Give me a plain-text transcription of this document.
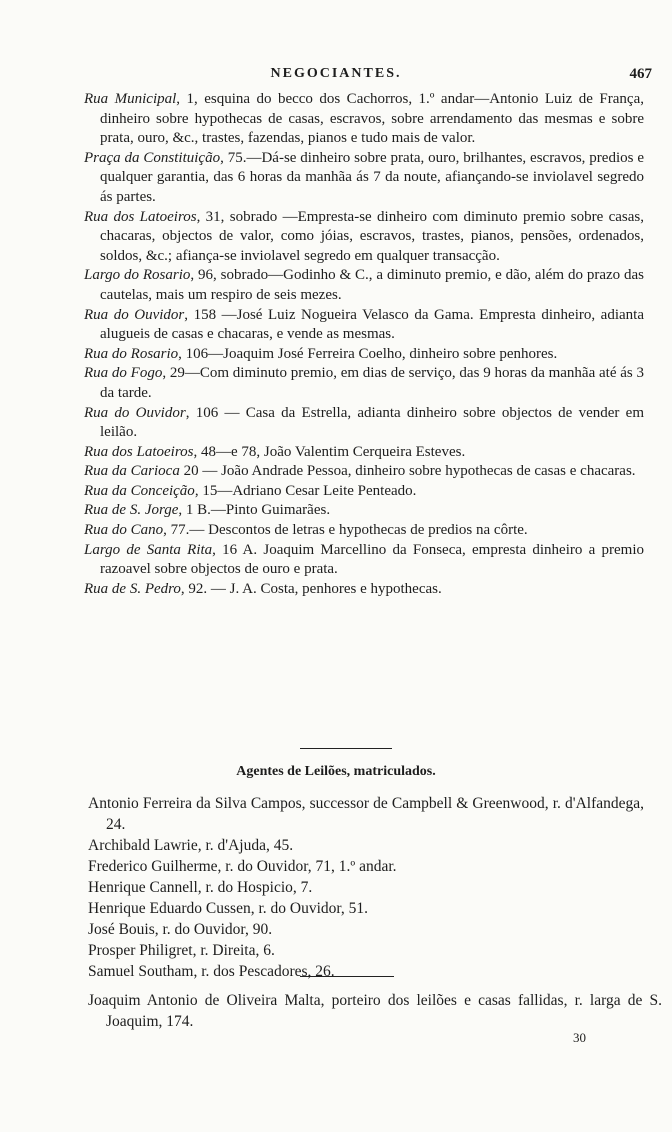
NEGOCIANTES.	467

Rua Municipal, 1, esquina do becco dos Cachorros, 1.º andar—Antonio Luiz de França, dinheiro sobre hypothecas de casas, escravos, sobre arrendamento das mesmas e sobre prata, ouro, &c., trastes, fazendas, pianos e tudo mais de valor.

Praça da Constituição, 75.—Dá-se dinheiro sobre prata, ouro, brilhantes, escravos, predios e qualquer garantia, das 6 horas da manhãa ás 7 da noute, afiançando-se inviolavel segredo ás partes.

Rua dos Latoeiros, 31, sobrado —Empresta-se dinheiro com diminuto premio sobre casas, chacaras, objectos de valor, como jóias, escravos, trastes, pianos, pensões, ordenados, soldos, &c.; afiança-se inviolavel segredo em qualquer transacção.

Largo do Rosario, 96, sobrado—Godinho & C., a diminuto premio, e dão, além do prazo das cautelas, mais um respiro de seis mezes.

Rua do Ouvidor, 158 —José Luiz Nogueira Velasco da Gama. Empresta dinheiro, adianta alugueis de casas e chacaras, e vende as mesmas.

Rua do Rosario, 106—Joaquim José Ferreira Coelho, dinheiro sobre penhores.

Rua do Fogo, 29—Com diminuto premio, em dias de serviço, das 9 horas da manhãa até ás 3 da tarde.

Rua do Ouvidor, 106 — Casa da Estrella, adianta dinheiro sobre objectos de vender em leilão.

Rua dos Latoeiros, 48—e 78, João Valentim Cerqueira Esteves.

Rua da Carioca 20 — João Andrade Pessoa, dinheiro sobre hypothecas de casas e chacaras.

Rua da Conceição, 15—Adriano Cesar Leite Penteado.

Rua de S. Jorge, 1 B.—Pinto Guimarães.

Rua do Cano, 77.— Descontos de letras e hypothecas de predios na côrte.

Largo de Santa Rita, 16 A. Joaquim Marcellino da Fonseca, empresta dinheiro a premio razoavel sobre objectos de ouro e prata.

Rua de S. Pedro, 92. — J. A. Costa, penhores e hypothecas.

Agentes de Leilões, matriculados.

Antonio Ferreira da Silva Campos, successor de Campbell & Greenwood, r. d'Alfandega, 24.

Archibald Lawrie, r. d'Ajuda, 45.

Frederico Guilherme, r. do Ouvidor, 71, 1.º andar.

Henrique Cannell, r. do Hospicio, 7.

Henrique Eduardo Cussen, r. do Ouvidor, 51.

José Bouis, r. do Ouvidor, 90.

Prosper Philigret, r. Direita, 6.

Samuel Southam, r. dos Pescadores, 26.

Joaquim Antonio de Oliveira Malta, porteiro dos leilões e casas fallidas, r. larga de S. Joaquim, 174.

30
